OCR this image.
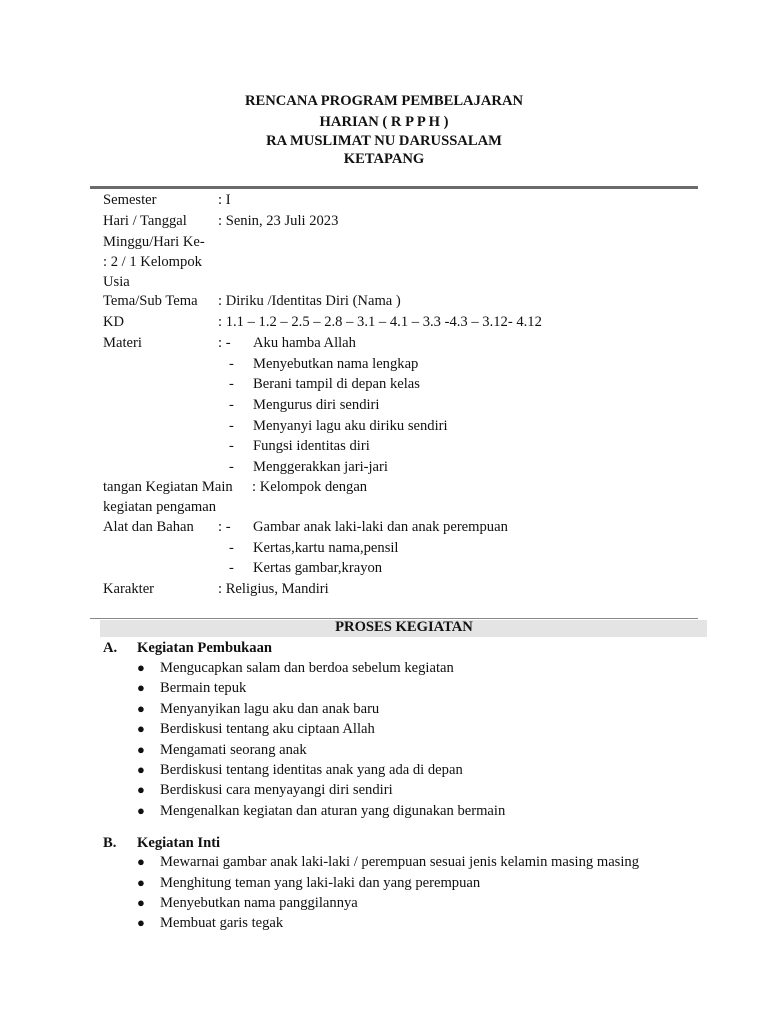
RENCANA PROGRAM PEMBELAJARAN
HARIAN ( R P P H )
RA MUSLIMAT NU DARUSSALAM
KETAPANG
Semester	: I
Hari / Tanggal : Senin, 23 Juli 2023
Minggu/Hari Ke-
: 2 / 1 Kelompok
Usia
Tema/Sub Tema : Diriku /Identitas Diri (Nama )
KD	: 1.1 – 1.2 – 2.5 – 2.8 – 3.1 – 4.1 – 3.3 -4.3 – 3.12- 4.12
Materi	: - Aku hamba Allah
- Menyebutkan nama lengkap
- Berani tampil di depan kelas
- Mengurus diri sendiri
- Menyanyi lagu aku diriku sendiri
- Fungsi identitas diri
- Menggerakkan jari-jari
tangan Kegiatan Main : Kelompok dengan
kegiatan pengaman
Alat dan Bahan : - Gambar anak laki-laki dan anak perempuan
- Kertas,kartu nama,pensil
- Kertas gambar,krayon
Karakter	: Religius, Mandiri
PROSES KEGIATAN
A. Kegiatan Pembukaan
● Mengucapkan salam dan berdoa sebelum kegiatan
● Bermain tepuk
● Menyanyikan lagu aku dan anak baru
● Berdiskusi tentang aku ciptaan Allah
● Mengamati seorang anak
● Berdiskusi tentang identitas anak yang ada di depan
● Berdiskusi cara menyayangi diri sendiri
● Mengenalkan kegiatan dan aturan yang digunakan bermain
B. Kegiatan Inti
● Mewarnai gambar anak laki-laki / perempuan sesuai jenis kelamin masing masing
● Menghitung teman yang laki-laki dan yang perempuan
● Menyebutkan nama panggilannya
● Membuat garis tegak
